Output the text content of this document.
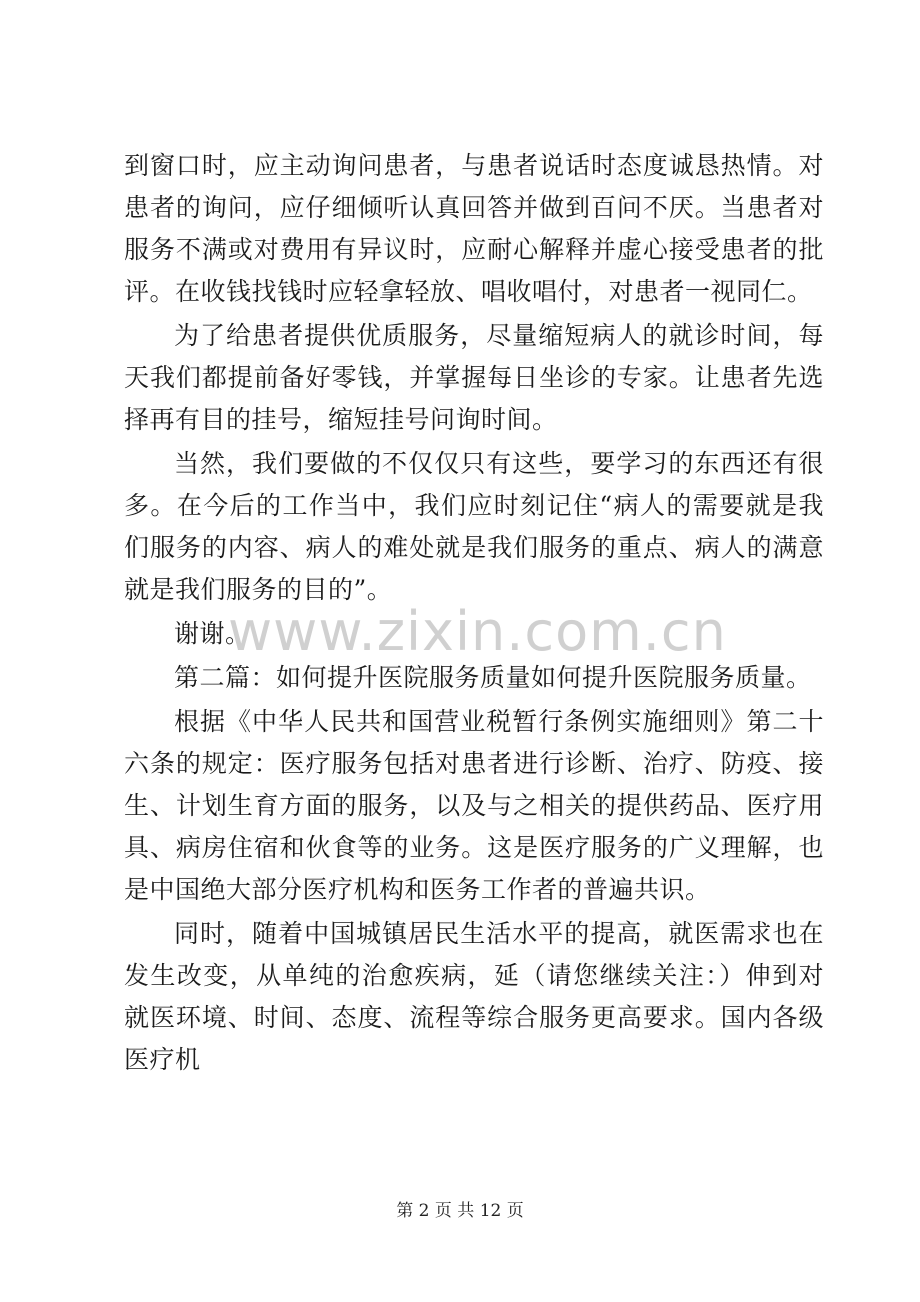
到窗口时，应主动询问患者，与患者说话时态度诚恳热情。对患者的询问，应仔细倾听认真回答并做到百问不厌。当患者对服务不满或对费用有异议时，应耐心解释并虚心接受患者的批评。在收钱找钱时应轻拿轻放、唱收唱付，对患者一视同仁。

为了给患者提供优质服务，尽量缩短病人的就诊时间，每天我们都提前备好零钱，并掌握每日坐诊的专家。让患者先选择再有目的挂号，缩短挂号问询时间。

当然，我们要做的不仅仅只有这些，要学习的东西还有很多。在今后的工作当中，我们应时刻记住“病人的需要就是我们服务的内容、病人的难处就是我们服务的重点、病人的满意就是我们服务的目的”。

谢谢。

第二篇：如何提升医院服务质量如何提升医院服务质量。

根据《中华人民共和国营业税暂行条例实施细则》第二十六条的规定：医疗服务包括对患者进行诊断、治疗、防疫、接生、计划生育方面的服务，以及与之相关的提供药品、医疗用具、病房住宿和伙食等的业务。这是医疗服务的广义理解，也是中国绝大部分医疗机构和医务工作者的普遍共识。

同时，随着中国城镇居民生活水平的提高，就医需求也在发生改变，从单纯的治愈疾病，延（请您继续关注：）伸到对就医环境、时间、态度、流程等综合服务更高要求。国内各级医疗机

www.zixin.com.cn
第 2 页 共 12 页
